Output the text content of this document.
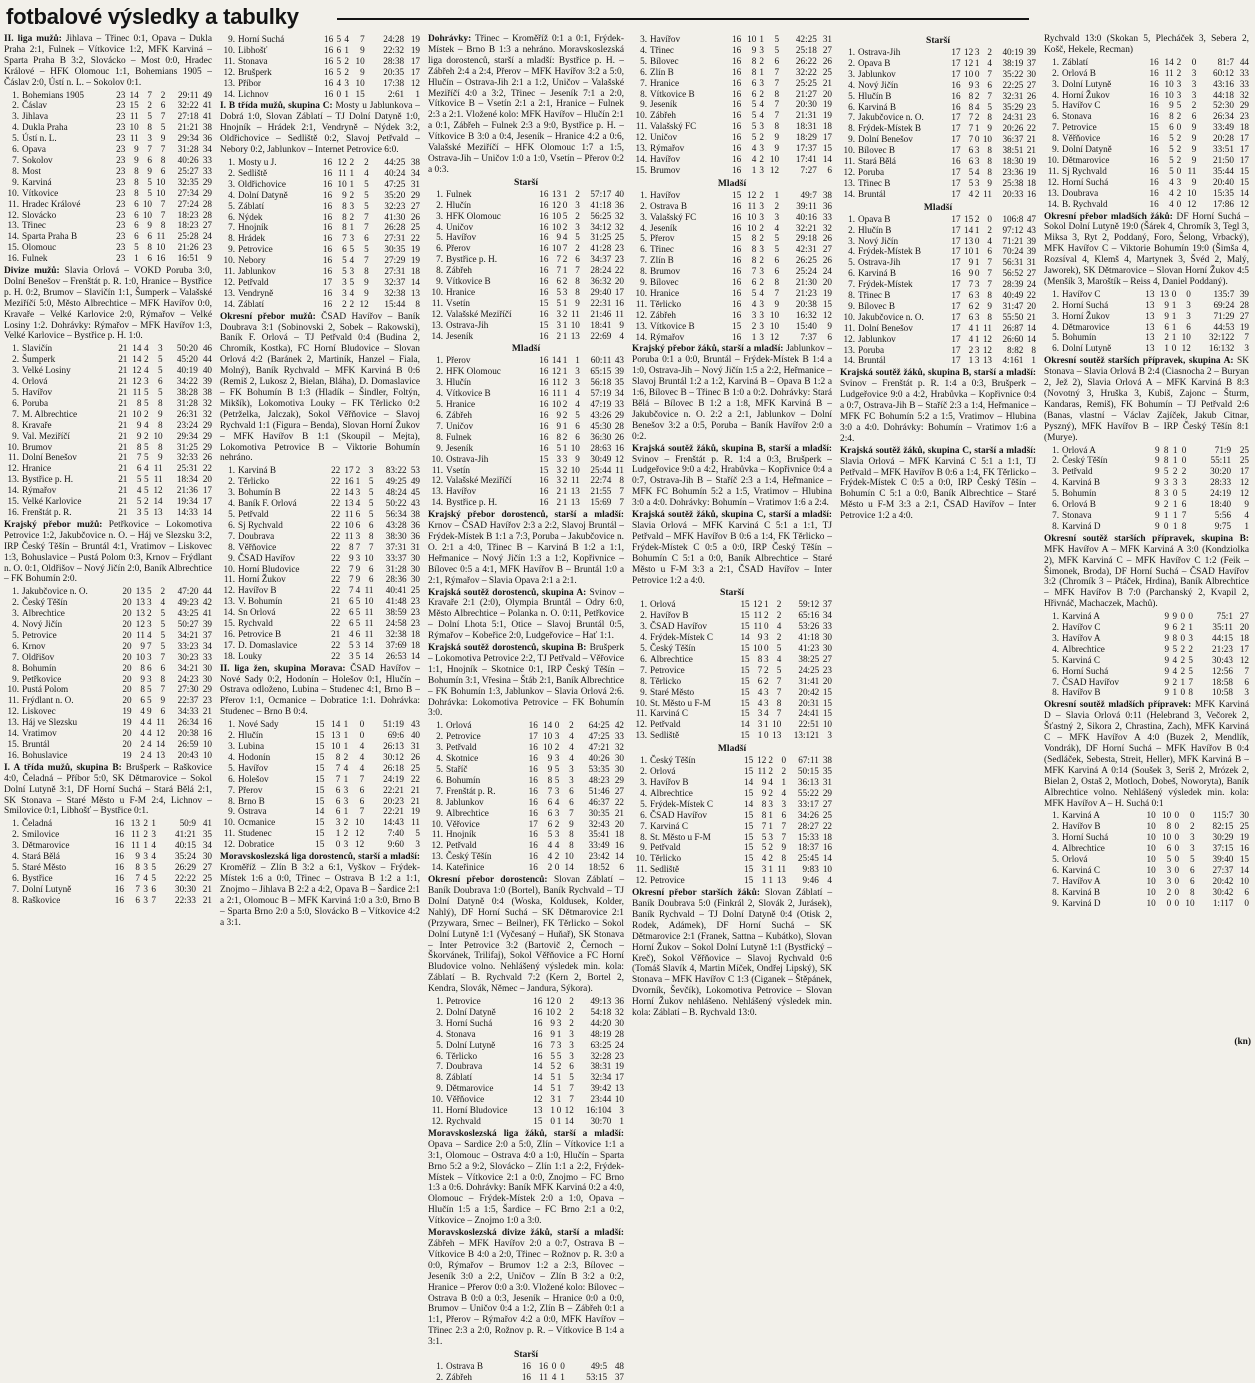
fotbalové výsledky a tabulky

II. liga mužů: Jihlava – Třinec 0:1, Opava – Dukla Praha 2:1, Fulnek – Vítkovice 1:2, MFK Karviná – Sparta Praha B 3:2, Slovácko – Most 0:0, Hradec Králové – HFK Olomouc 1:1, Bohemians 1905 – Čáslav 2:0, Ústí n. L. – Sokolov 0:1.

1.	Bohemians 1905	23	14	7	2	29:11	49
2.	Čáslav	23	15	2	6	32:22	41
3.	Jihlava	23	11	5	7	27:18	41
4.	Dukla Praha	23	10	8	5	21:21	38
5.	Ústí n. L.	23	11	3	9	29:34	36
6.	Opava	23	9	7	7	31:28	34
7.	Sokolov	23	9	6	8	40:26	33
8.	Most	23	8	9	6	25:27	33
9.	Karviná	23	8	5	10	32:35	29
10.	Vítkovice	23	8	5	10	27:34	29
11.	Hradec Králové	23	6	10	7	27:24	28
12.	Slovácko	23	6	10	7	18:23	28
13.	Třinec	23	6	9	8	18:23	27
14.	Sparta Praha B	23	6	6	11	25:28	24
15.	Olomouc	23	5	8	10	21:26	23
16.	Fulnek	23	1	6	16	16:51	9

Divize mužů: Slavia Orlová – VOKD Poruba 3:0, Dolní Benešov – Frenštát p. R. 1:0, Hranice – Bystřice p. H. 0:2, Brumov – Slavičín 1:1, Šumperk – Valašské Meziříčí 5:0, Město Albrechtice – MFK Havířov 0:0, Kravaře – Velké Karlovice 2:0, Rýmařov – Velké Losiny 1:2. Dohrávky: Rýmařov – MFK Havířov 1:3, Velké Karlovice – Bystřice p. H. 1:0.

1.	Slavičín	21	14	4	3	50:20	46
2.	Šumperk	21	14	2	5	45:20	44
3.	Velké Losiny	21	12	4	5	40:19	40
4.	Orlová	21	12	3	6	34:22	39
5.	Havířov	21	11	5	5	38:28	38
6.	Poruba	21	8	5	8	31:28	32
7.	M. Albrechtice	21	10	2	9	26:31	32
8.	Kravaře	21	9	4	8	23:24	29
9.	Val. Meziříčí	21	9	2	10	29:34	29
10.	Brumov	21	8	5	8	31:25	29
11.	Dolní Benešov	21	7	5	9	32:33	26
12.	Hranice	21	6	4	11	25:31	22
13.	Bystřice p. H.	21	5	5	11	18:34	20
14.	Rýmařov	21	4	5	12	21:36	17
15.	Velké Karlovice	21	5	2	14	19:34	17
16.	Frenštát p. R.	21	3	5	13	14:33	14

Krajský přebor mužů: Petřkovice – Lokomotiva Petrovice 1:2, Jakubčovice n. O. – Háj ve Slezsku 3:2, IRP Český Těšín – Bruntál 4:1, Vratimov – Liskovec 1:3, Bohuslavice – Pustá Polom 0:3, Krnov – Frýdlant n. O. 0:1, Oldřišov – Nový Jičín 2:0, Baník Albrechtice – FK Bohumín 2:0.

1.	Jakubčovice n. O.	20	13	5	2	47:20	44
2.	Český Těšín	20	13	3	4	49:23	42
3.	Albrechtice	20	13	2	5	43:25	41
4.	Nový Jičín	20	12	3	5	50:27	39
5.	Petrovice	20	11	4	5	34:21	37
6.	Krnov	20	9	7	5	33:23	34
7.	Oldřišov	20	10	3	7	30:23	33
8.	Bohumín	20	8	6	6	34:21	30
9.	Petřkovice	20	9	3	8	24:23	30
10.	Pustá Polom	20	8	5	7	27:30	29
11.	Frýdlant n. O.	20	6	5	9	22:37	23
12.	Liskovec	19	4	9	6	34:33	21
13.	Háj ve Slezsku	19	4	4	11	26:34	16
14.	Vratimov	20	4	4	12	20:38	16
15.	Bruntál	20	2	4	14	26:59	10
16.	Bohuslavice	19	2	4	13	20:43	10

I. A třída mužů, skupina B: Brušperk – Raškovice 4:0, Čeladná – Příbor 5:0, SK Dětmarovice – Sokol Dolní Lutyně 3:1, DF Horní Suchá – Stará Bělá 2:1, SK Stonava – Staré Město u F-M 2:4, Lichnov – Smilovice 0:1, Libhošť – Bystřice 0:1.

1.	Čeladná	16	13	2	1	50:9	41
2.	Smilovice	16	11	2	3	41:21	35
3.	Dětmarovice	16	11	1	4	40:15	34
4.	Stará Bělá	16	9	3	4	35:24	30
5.	Staré Město	16	8	3	5	26:29	27
6.	Bystřice	16	7	4	5	22:22	25
7.	Dolní Lutyně	16	7	3	6	30:30	21
8.	Raškovice	16	6	3	7	22:33	21
9.	Horní Suchá	16	5	4	7	24:28	19
10.	Libhošť	16	6	1	9	22:32	19
11.	Stonava	16	5	2	10	28:38	17
12.	Brušperk	16	5	2	9	20:35	17
13.	Příbor	16	4	3	10	17:38	12
14.	Lichnov	16	0	1	15	2:61	1

I. B třída mužů, skupina C: Mosty u Jablunkova – Dobrá 1:0, Slovan Záblatí – TJ Dolní Datyně 1:0, Hnojník – Hrádek 2:1, Vendryně – Nýdek 3:2, Oldřichovice – Sedliště 0:2, Slavoj Petřvald – Nebory 0:2, Jablunkov – Internet Petrovice 6:0.

1.	Mosty u J.	16	12	2	2	44:25	38
2.	Sedliště	16	11	1	4	40:24	34
3.	Oldřichovice	16	10	1	5	47:25	31
4.	Dolní Datyně	16	9	2	5	35:20	29
5.	Záblatí	16	8	3	5	32:23	27
6.	Nýdek	16	8	2	7	41:30	26
7.	Hnojník	16	8	1	7	26:28	25
8.	Hrádek	16	7	3	6	27:31	22
9.	Petrovice	16	6	5	5	30:35	19
10.	Nebory	16	5	4	7	27:29	19
11.	Jablunkov	16	5	3	8	27:31	18
12.	Petřvald	17	3	5	9	32:37	14
13.	Vendryně	16	3	4	9	32:38	13
14.	Záblatí	16	2	2	12	15:44	8

Okresní přebor mužů: ČSAD Havířov – Baník Doubrava 3:1 (Sobinovski 2, Sobek – Rakowski), Baník F. Orlová – TJ Petřvald 0:4 (Budina 2, Chromík, Kostka), FC Horní Bludovice – Slovan Orlová 4:2 (Baránek 2, Martiník, Hanzel – Fiala, Molný), Baník Rychvald – MFK Karviná B 0:6 (Remiš 2, Lukosz 2, Bielan, Bláha), D. Domaslavice – FK Bohumín B 1:3 (Hladík – Šindler, Foltýn, Mikšík), Lokomotiva Louky – FK Těrlicko 0:2 (Petrželka, Jalczak), Sokol Věřňovice – Slavoj Rychvald 1:1 (Figura – Benda), Slovan Horní Žukov – MFK Havířov B 1:1 (Skoupil – Mejta), Lokomotiva Petrovice B – Viktorie Bohumín nehráno.

1.	Karviná B	22	17	2	3	83:22	53
2.	Těrlicko	22	16	1	5	49:25	49
3.	Bohumín B	22	14	3	5	48:24	45
4.	Baník F. Orlová	22	13	4	5	50:22	43
5.	Petřvald	22	11	6	5	56:34	38
6.	Sj Rychvald	22	10	6	6	43:28	36
7.	Doubrava	22	11	3	8	38:30	36
8.	Věřňovice	22	8	7	7	37:31	31
9.	ČSAD Havířov	22	9	3	10	33:37	30
10.	Horní Bludovice	22	7	9	6	31:28	30
11.	Horní Žukov	22	7	9	6	28:36	30
12.	Havířov B	22	7	4	11	40:41	25
13.	V. Bohumín	21	6	5	10	41:48	23
14.	Sn Orlová	22	6	5	11	38:59	23
15.	Rychvald	22	6	5	11	24:58	23
16.	Petrovice B	21	4	6	11	32:38	18
17.	D. Domaslavice	22	5	3	14	37:69	18
18.	Louky	22	3	5	14	26:53	14

II. liga žen, skupina Morava: ČSAD Havířov – Nové Sady 0:2, Hodonín – Holešov 0:1, Hlučín – Ostrava odloženo, Lubina – Studenec 4:1, Brno B – Přerov 1:1, Ocmanice – Dobratice 1:1. Dohrávka: Studenec – Brno B 0:4.

1.	Nové Sady	15	14	1	0	51:19	43
2.	Hlučín	15	13	1	0	69:6	40
3.	Lubina	15	10	1	4	26:13	31
4.	Hodonín	15	8	2	4	30:12	26
5.	Havířov	15	7	4	4	26:18	25
6.	Holešov	15	7	1	7	24:19	22
7.	Přerov	15	6	3	6	22:21	21
8.	Brno B	15	6	3	6	20:23	21
9.	Ostrava	14	6	1	7	22:21	19
10.	Ocmanice	15	3	2	10	14:43	11
11.	Studenec	15	1	2	12	7:40	5
12.	Dobratice	15	0	3	12	9:60	3

Moravskoslezská liga dorostenců, starší a mladší: Kroměříž – Zlín B 3:2 a 6:1, Vyškov – Frýdek-Místek 1:6 a 0:0, Třinec – Ostrava B 1:2 a 1:1, Znojmo – Jihlava B 2:2 a 4:2, Opava B – Šardice 2:1 a 2:1, Olomouc B – MFK Karviná 1:0 a 3:0, Brno B – Sparta Brno 2:0 a 5:0, Slovácko B – Vítkovice 4:2 a 3:1.

Dohrávky: Třinec – Kroměříž 0:1 a 0:1, Frýdek-Místek – Brno B 1:3 a nehráno. Moravskoslezská liga dorostenců, starší a mladší: Bystřice p. H. – Zábřeh 2:4 a 2:4, Přerov – MFK Havířov 3:2 a 5:0, Hlučín – Ostrava-Jih 2:1 a 1:2, Uničov – Valašské Meziříčí 4:0 a 3:2, Třinec – Jeseník 7:1 a 2:0, Vítkovice B – Vsetín 2:1 a 2:1, Hranice – Fulnek 2:3 a 2:1. Vložené kolo: MFK Havířov – Hlučín 2:1 a 0:1, Zábřeh – Fulnek 2:3 a 9:0, Bystřice p. H. – Vítkovice B 3:0 a 0:4, Jeseník – Hranice 4:2 a 0:6, Valašské Meziříčí – HFK Olomouc 1:7 a 1:5, Ostrava-Jih – Uničov 1:0 a 1:0, Vsetín – Přerov 0:2 a 0:3.

Starší
1.	Fulnek	16	13	1	2	57:17	40
2.	Hlučín	16	12	0	3	41:18	36
3.	HFK Olomouc	16	10	5	2	56:25	32
4.	Uničov	16	10	2	3	34:12	32
5.	Havířov	16	9	4	5	31:25	25
6.	Přerov	16	10	7	2	41:28	23
7.	Bystřice p. H.	16	7	2	6	34:37	23
8.	Zábřeh	16	7	1	7	28:24	22
9.	Vítkovice B	16	6	2	8	36:32	20
10.	Hranice	16	5	3	8	29:40	17
11.	Vsetín	15	5	1	9	22:31	16
12.	Valašské Meziříčí	16	3	2	11	21:46	11
13.	Ostrava-Jih	15	3	1	10	18:41	9
14.	Jeseník	16	2	1	13	22:69	4
Mladší
1.	Přerov	16	14	1	1	60:11	43
2.	HFK Olomouc	16	12	1	3	65:15	39
3.	Hlučín	16	11	2	3	56:18	35
4.	Vítkovice B	16	11	1	4	57:19	34
5.	Hranice	16	10	2	4	47:19	33
6.	Zábřeh	16	9	2	5	43:26	29
7.	Uničov	16	9	1	6	45:30	28
8.	Fulnek	16	8	2	6	36:30	26
9.	Jeseník	16	5	1	10	28:63	16
10.	Ostrava-Jih	15	3	3	9	30:49	12
11.	Vsetín	15	3	2	10	25:44	11
12.	Valašské Meziříčí	16	3	2	11	22:74	8
13.	Havířov	16	2	1	13	21:55	7
14.	Bystřice p. H.	16	2	1	13	15:69	7

Krajský přebor dorostenců, starší a mladší: Krnov – ČSAD Havířov 2:3 a 2:2, Slavoj Bruntál – Frýdek-Místek B 1:1 a 7:3, Poruba – Jakubčovice n. O. 2:1 a 4:0, Třinec B – Karviná B 1:2 a 1:1, Heřmanice – Nový Jičín 1:3 a 1:2, Kopřivnice – Bílovec 0:5 a 4:1, MFK Havířov B – Bruntál 1:0 a 2:1, Rýmařov – Slavia Opava 2:1 a 2:1.

Krajská soutěž dorostenců, skupina A: Svinov – Kravaře 2:1 (2:0), Olympia Bruntál – Odry 6:0, Město Albrechtice – Polanka n. O. 0:11, Petřkovice – Dolní Lhota 5:1, Otice – Slavoj Bruntál 0:5, Rýmařov – Kobeřice 2:0, Ludgeřovice – Hať 1:1.

Krajská soutěž dorostenců, skupina B: Brušperk – Lokomotiva Petrovice 2:2, TJ Petřvald – Věřovice 1:1, Hnojník – Skotnice 0:1, IRP Český Těšín – Bohumín 3:1, Vřesina – Štáb 2:1, Baník Albrechtice – FK Bohumín 1:3, Jablunkov – Slavia Orlová 2:6. Dohrávka: Lokomotiva Petrovice – FK Bohumín 3:0.

1.	Orlová	16	14	0	2	64:25	42
2.	Petrovice	17	10	3	4	47:25	33
3.	Petřvald	16	10	2	4	47:21	32
4.	Skotnice	16	9	3	4	40:26	30
5.	Staříč	16	9	5	3	53:35	30
6.	Bohumín	16	8	5	3	48:23	29
7.	Frenštát p. R.	16	7	3	6	51:46	27
8.	Jablunkov	16	6	4	6	46:37	22
9.	Albrechtice	16	6	3	7	30:35	21
10.	Věřovice	17	6	2	9	32:43	20
11.	Hnojník	16	5	3	8	35:41	18
12.	Petřvald	16	4	4	8	33:49	16
13.	Český Těšín	16	4	2	10	23:42	14
14.	Kateřinice	16	2	0	14	18:52	6

Okresní přebor dorostenců: Slovan Záblatí – Baník Doubrava 1:0 (Bortel), Baník Rychvald – TJ Dolní Datyně 0:4 (Woska, Koldusek, Kolder, Nahlý), DF Horní Suchá – SK Dětmarovice 2:1 (Przywara, Srnec – Beilner), FK Těrlicko – Sokol Dolní Lutyně 1:1 (Vyčesaný – Huňař), SK Stonava – Inter Petrovice 3:2 (Bartovič 2, Černoch – Škorvánek, Trilifaj), Sokol Věřňovice a FC Horní Bludovice volno. Nehlášený výsledek min. kola: Záblatí – B. Rychvald 7:2 (Kern 2, Bortel 2, Kendra, Slovák, Němec – Jandura, Sýkora).

1.	Petrovice	16	12	0	2	49:13	36
2.	Dolní Datyně	16	10	2	2	54:18	32
3.	Horní Suchá	16	9	3	2	44:20	30
4.	Stonava	16	9	1	3	48:19	28
5.	Dolní Lutyně	16	7	3	3	63:25	24
6.	Těrlicko	16	5	5	3	32:28	23
7.	Doubrava	14	5	2	6	38:31	19
8.	Záblatí	14	5	1	5	32:34	17
9.	Dětmarovice	14	5	1	7	39:42	13
10.	Věřňovice	12	3	1	7	23:44	10
11.	Horní Bludovice	13	1	0	12	16:104	3
12.	Rychvald	15	0	1	14	30:70	1

Moravskoslezská liga žáků, starší a mladší: Opava – Sardice 2:0 a 5:0, Zlín – Vítkovice 1:1 a 3:1, Olomouc – Ostrava 4:0 a 1:0, Hlučín – Sparta Brno 5:2 a 9:2, Slovácko – Zlín 1:1 a 2:2, Frýdek-Místek – Vítkovice 2:1 a 0:0, Znojmo – FC Brno 1:3 a 0:6. Dohrávky: Baník MFK Karviná 0:2 a 4:0, Olomouc – Frýdek-Místek 2:0 a 1:0, Opava – Hlučín 1:5 a 1:5, Šardice – FC Brno 2:1 a 0:2, Vítkovice – Znojmo 1:0 a 3:0.

Moravskoslezská divize žáků, starší a mladší: Zábřeh – MFK Havířov 2:0 a 0:7, Ostrava B – Vítkovice B 4:0 a 2:0, Třinec – Rožnov p. R. 3:0 a 0:0, Rýmařov – Brumov 1:2 a 2:3, Bílovec – Jeseník 3:0 a 2:2, Uničov – Zlín B 3:2 a 0:2, Hranice – Přerov 0:0 a 3:0. Vložené kolo: Bílovec – Ostrava B 0:0 a 0:3, Jeseník – Hranice 0:0 a 0:0, Brumov – Uničov 0:4 a 1:2, Zlín B – Zábřeh 0:1 a 1:1, Přerov – Rýmařov 4:2 a 0:0, MFK Havířov – Třinec 2:3 a 2:0, Rožnov p. R. – Vítkovice B 1:4 a 3:1.

Starší
1.	Ostrava B	16	16	0	0	49:5	48
2.	Zábřeh	16	11	4	1	53:15	37
3.	Havířov	16	10	1	5	42:25	31
4.	Třinec	16	9	3	5	25:18	27
5.	Bílovec	16	8	2	6	26:22	26
6.	Zlín B	16	8	1	7	32:22	25
7.	Hranice	16	6	3	7	25:25	21
8.	Vítkovice B	16	6	2	8	21:27	20
9.	Jeseník	16	5	4	7	20:30	19
10.	Zábřeh	16	5	4	7	21:31	19
11.	Valašský FC	16	5	3	8	18:31	18
12.	Uničov	16	5	2	9	18:29	17
13.	Rýmařov	16	4	3	9	17:37	15
14.	Havířov	16	4	2	10	17:41	14
15.	Brumov	16	1	3	12	7:27	6
Mladší
1.	Havířov	15	12	2	1	49:7	38
2.	Ostrava B	16	11	3	2	39:11	36
3.	Valašský FC	16	10	3	3	40:16	33
4.	Jeseník	16	10	2	4	32:21	32
5.	Přerov	15	8	2	5	29:18	26
6.	Třinec	16	8	3	5	42:31	27
7.	Zlín B	16	8	2	6	26:25	26
8.	Brumov	16	7	3	6	25:24	24
9.	Bílovec	16	6	2	8	21:30	20
10.	Hranice	16	5	4	7	21:23	19
11.	Těrlicko	16	4	3	9	20:38	15
12.	Zábřeh	16	3	3	10	16:32	12
13.	Vítkovice B	15	2	3	10	15:40	9
14.	Rýmařov	16	1	3	12	7:37	6

Krajský přebor žáků, starší a mladší: Jablunkov – Poruba 0:1 a 0:0, Bruntál – Frýdek-Místek B 1:4 a 1:0, Ostrava-Jih – Nový Jičín 1:5 a 2:2, Heřmanice – Slavoj Bruntál 1:2 a 1:2, Karviná B – Opava B 1:2 a 1:6, Bílovec B – Třinec B 1:0 a 0:2. Dohrávky: Stará Bělá – Bílovec B 1:2 a 1:8, MFK Karviná B – Jakubčovice n. O. 2:2 a 2:1, Jablunkov – Dolní Benešov 3:2 a 0:5, Poruba – Baník Havířov 2:0 a 0:2.

Krajská soutěž žáků, skupina B, starší a mladší: Svinov – Frenštát p. R. 1:4 a 0:3, Brušperk – Ludgeřovice 9:0 a 4:2, Hrabůvka – Kopřivnice 0:4 a 0:7, Ostrava-Jih B – Staříč 2:3 a 1:4, Heřmanice – MFK FC Bohumín 5:2 a 1:5, Vratimov – Hlubina 3:0 a 4:0. Dohrávky: Bohumín – Vratimov 1:6 a 2:4.

Krajská soutěž žáků, skupina C, starší a mladší: Slavia Orlová – MFK Karviná C 5:1 a 1:1, TJ Petřvald – MFK Havířov B 0:6 a 1:4, FK Těrlicko – Frýdek-Místek C 0:5 a 0:0, IRP Český Těšín – Bohumín C 5:1 a 0:0, Baník Albrechtice – Staré Město u F-M 3:3 a 2:1, ČSAD Havířov – Inter Petrovice 1:2 a 4:0.

Starší
1.	Orlová	15	12	1	2	59:12	37
2.	Havířov B	15	11	2	2	65:16	34
3.	ČSAD Havířov	15	11	0	4	53:26	33
4.	Frýdek-Místek C	14	9	3	2	41:18	30
5.	Český Těšín	15	10	0	5	41:23	30
6.	Albrechtice	15	8	3	4	38:25	27
7.	Petrovice	15	7	2	5	24:25	23
8.	Těrlicko	15	6	2	7	31:41	20
9.	Staré Město	15	4	3	7	20:42	15
10.	St. Město u F-M	15	4	3	8	20:31	15
11.	Karviná C	15	3	4	7	24:41	15
12.	Petřvald	14	3	1	10	22:51	10
13.	Sedliště	15	1	0	13	13:121	3
Mladší
1.	Český Těšín	15	12	2	0	67:11	38
2.	Orlová	15	11	2	2	50:15	35
3.	Havířov B	14	9	4	1	36:13	31
4.	Albrechtice	15	9	2	4	55:22	29
5.	Frýdek-Místek C	14	8	3	3	33:17	27
6.	ČSAD Havířov	15	8	1	6	34:26	25
7.	Karviná C	15	7	1	7	28:27	22
8.	St. Město u F-M	15	5	3	7	15:33	18
9.	Petřvald	15	5	2	9	18:37	16
10.	Těrlicko	15	4	2	8	25:45	14
11.	Sedliště	15	3	1	11	9:83	10
12.	Petrovice	15	1	1	13	9:46	4

Okresní přebor starších žáků: Slovan Záblatí – Baník Doubrava 5:0 (Finkrál 2, Slovák 2, Jurásek), Baník Rychvald – TJ Dolní Datyně 0:4 (Otisk 2, Rodek, Adámek), DF Horní Suchá – SK Dětmarovice 2:1 (Franek, Sattna – Kubátko), Slovan Horní Žukov – Sokol Dolní Lutyně 1:1 (Bystřický – Kreč), Sokol Věřňovice – Slavoj Rychvald 0:6 (Tomáš Slavík 4, Martin Míček, Ondřej Lipský), SK Stonava – MFK Havířov C 1:3 (Ciganek – Štěpánek, Dvorník, Ševčík), Lokomotiva Petrovice – Slovan Horní Žukov nehlášeno. Nehlášený výsledek min. kola: Záblatí – B. Rychvald 13:0.

Starší
1.	Ostrava-Jih	17	12	3	2	40:19	39
2.	Opava B	17	12	1	4	38:19	37
3.	Jablunkov	17	10	0	7	35:22	30
4.	Nový Jičín	16	9	3	6	22:25	27
5.	Hlučín B	16	8	2	7	32:31	26
6.	Karviná B	16	8	4	5	35:29	23
7.	Jakubčovice n. O.	17	7	2	8	24:31	23
8.	Frýdek-Místek B	17	7	1	9	20:26	22
9.	Dolní Benešov	17	7	0	10	36:37	21
10.	Bílovec B	17	6	3	8	38:51	21
11.	Stará Bělá	16	6	3	8	18:30	19
12.	Poruba	17	5	4	8	23:36	19
13.	Třinec B	17	5	3	9	25:38	18
14.	Bruntál	17	4	2	11	20:33	16
Mladší
1.	Opava B	17	15	2	0	106:8	47
2.	Hlučín B	17	14	1	2	97:12	43
3.	Nový Jičín	17	13	0	4	71:21	39
4.	Frýdek-Místek B	17	10	1	6	70:24	39
5.	Ostrava-Jih	17	9	1	7	56:31	31
6.	Karviná B	16	9	0	7	56:52	27
7.	Frýdek-Místek	17	7	3	7	28:39	24
8.	Třinec B	17	6	3	8	40:49	22
9.	Bílovec B	17	6	2	9	31:47	20
10.	Jakubčovice n. O.	17	6	3	8	55:50	21
11.	Dolní Benešov	17	4	1	11	26:87	14
12.	Jablunkov	17	4	1	12	26:60	14
13.	Poruba	17	2	3	12	8:82	8
14.	Bruntál	17	1	3	13	4:161	1

Krajská soutěž žáků, skupina B, starší a mladší: Svinov – Frenštát p. R. 1:4 a 0:3, Brušperk – Ludgeřovice 9:0 a 4:2, Hrabůvka – Kopřivnice 0:4 a 0:7, Ostrava-Jih B – Staříč 2:3 a 1:4, Heřmanice – MFK FC Bohumín 5:2 a 1:5, Vratimov – Hlubina 3:0 a 4:0. Dohrávky: Bohumín – Vratimov 1:6 a 2:4.

Krajská soutěž žáků, skupina C, starší a mladší: Slavia Orlová – MFK Karviná C 5:1 a 1:1, TJ Petřvald – MFK Havířov B 0:6 a 1:4, FK Těrlicko – Frýdek-Místek C 0:5 a 0:0, IRP Český Těšín – Bohumín C 5:1 a 0:0, Baník Albrechtice – Staré Město u F-M 3:3 a 2:1, ČSAD Havířov – Inter Petrovice 1:2 a 4:0.

Rychvald 13:0 (Skokan 5, Plecháček 3, Sebera 2, Košč, Hekele, Recman)

1.	Záblatí	16	14	2	0	81:7	44
2.	Orlová B	16	11	2	3	60:12	33
3.	Dolní Lutyně	16	10	3	3	43:16	33
4.	Horní Žukov	16	10	3	3	44:18	32
5.	Havířov C	16	9	5	2	52:30	29
6.	Stonava	16	8	2	6	26:34	23
7.	Petrovice	15	6	0	9	33:49	18
8.	Věřňovice	16	5	2	9	20:28	17
9.	Dolní Datyně	16	5	2	9	33:51	17
10.	Dětmarovice	16	5	2	9	21:50	17
11.	Sj Rychvald	16	5	0	11	35:44	15
12.	Horní Suchá	16	4	3	9	20:40	15
13.	Doubrava	16	4	2	10	15:35	14
14.	B. Rychvald	16	4	0	12	17:86	12

Okresní přebor mladších žáků: DF Horní Suchá – Sokol Dolní Lutyně 19:0 (Šárek 4, Chromík 3, Tegl 3, Miksa 3, Ryt 2, Poddaný, Foro, Šelong, Vrbacký), MFK Havířov C – Viktorie Bohumín 19:0 (Šimša 4, Rozsíval 4, Klemš 4, Martynek 3, Švéd 2, Malý, Jaworek), SK Dětmarovice – Slovan Horní Žukov 4:5 (Menšík 3, Maroštík – Reiss 4, Daniel Poddaný).

1.	Havířov C	13	13	0	0	135:7	39
2.	Horní Suchá	13	9	1	3	69:24	28
3.	Horní Žukov	13	9	1	3	71:29	27
4.	Dětmarovice	13	6	1	6	44:53	19
5.	Bohumín	13	2	1	10	32:122	7
6.	Dolní Lutyně	13	1	0	12	16:132	3

Okresní soutěž starších přípravek, skupina A: SK Stonava – Slavia Orlová B 2:4 (Ciasnocha 2 – Buryan 2, Jež 2), Slavia Orlová A – MFK Karviná B 8:3 (Novotný 3, Hruška 3, Kubiš, Zajonc – Šturm, Kandaras, Remiš), FK Bohumín – TJ Petřvald 2:6 (Banas, vlastní – Václav Zajíček, Jakub Citnar, Pyszný), MFK Havířov B – IRP Český Těšín 8:1 (Murye).

1.	Orlová A	9	8	1	0	71:9	25
2.	Český Těšín	9	8	1	0	55:11	25
3.	Petřvald	9	5	2	2	30:20	17
4.	Karviná B	9	3	3	3	28:33	12
5.	Bohumín	8	3	0	5	24:19	12
6.	Orlová B	9	2	1	6	18:40	9
7.	Stonava	9	1	1	7	5:56	4
8.	Karviná D	9	0	1	8	9:75	1

Okresní soutěž starších přípravek, skupina B: MFK Havířov A – MFK Karviná A 3:0 (Kondziolka 2), MFK Karviná C – MFK Havířov C 1:2 (Feik – Šimonek, Broda), DF Horní Suchá – ČSAD Havířov 3:2 (Chromík 3 – Ptáček, Hrdina), Baník Albrechtice – MFK Havířov B 7:0 (Parchanský 2, Kvapil 2, Hřivnáč, Machaczek, Machů).

1.	Karviná A	9	9	0	0	75:1	27
2.	Havířov C	9	6	2	1	35:11	20
3.	Havířov A	9	8	0	3	44:15	18
4.	Albrechtice	9	5	2	2	21:23	17
5.	Karviná C	9	4	2	5	30:43	12
6.	Horní Suchá	9	4	2	5	12:56	7
7.	ČSAD Havířov	9	2	1	7	18:58	6
8.	Havířov B	9	1	0	8	10:58	3

Okresní soutěž mladších přípravek: MFK Karviná D – Slavia Orlová 0:11 (Helebrand 3, Večorek 2, Šťastný 2, Sikora 2, Chrastina, Zach), MFK Karviná C – MFK Havířov A 4:0 (Buzek 2, Mendlík, Vondrák), DF Horní Suchá – MFK Havířov B 0:4 (Sedláček, Sebesta, Streit, Heller), MFK Karviná B – MFK Karviná A 0:14 (Soušek 3, Seriš 2, Mrózek 2, Bielan 2, Ostaš 2, Motloch, Dobeš, Noworyta), Baník Albrechtice volno. Nehlášený výsledek min. kola: MFK Havířov A – H. Suchá 0:1

1.	Karviná A	10	10	0	0	115:7	30
2.	Havířov B	10	8	0	2	82:15	25
3.	Horní Suchá	10	10	0	3	30:29	19
4.	Albrechtice	10	6	0	3	37:15	16
5.	Orlová	10	5	0	5	39:40	15
6.	Karviná C	10	3	0	6	27:37	14
7.	Havířov A	10	3	0	6	20:42	10
8.	Karviná B	10	2	0	8	30:42	6
9.	Karviná D	10	0	0	10	1:117	0
(kn)
